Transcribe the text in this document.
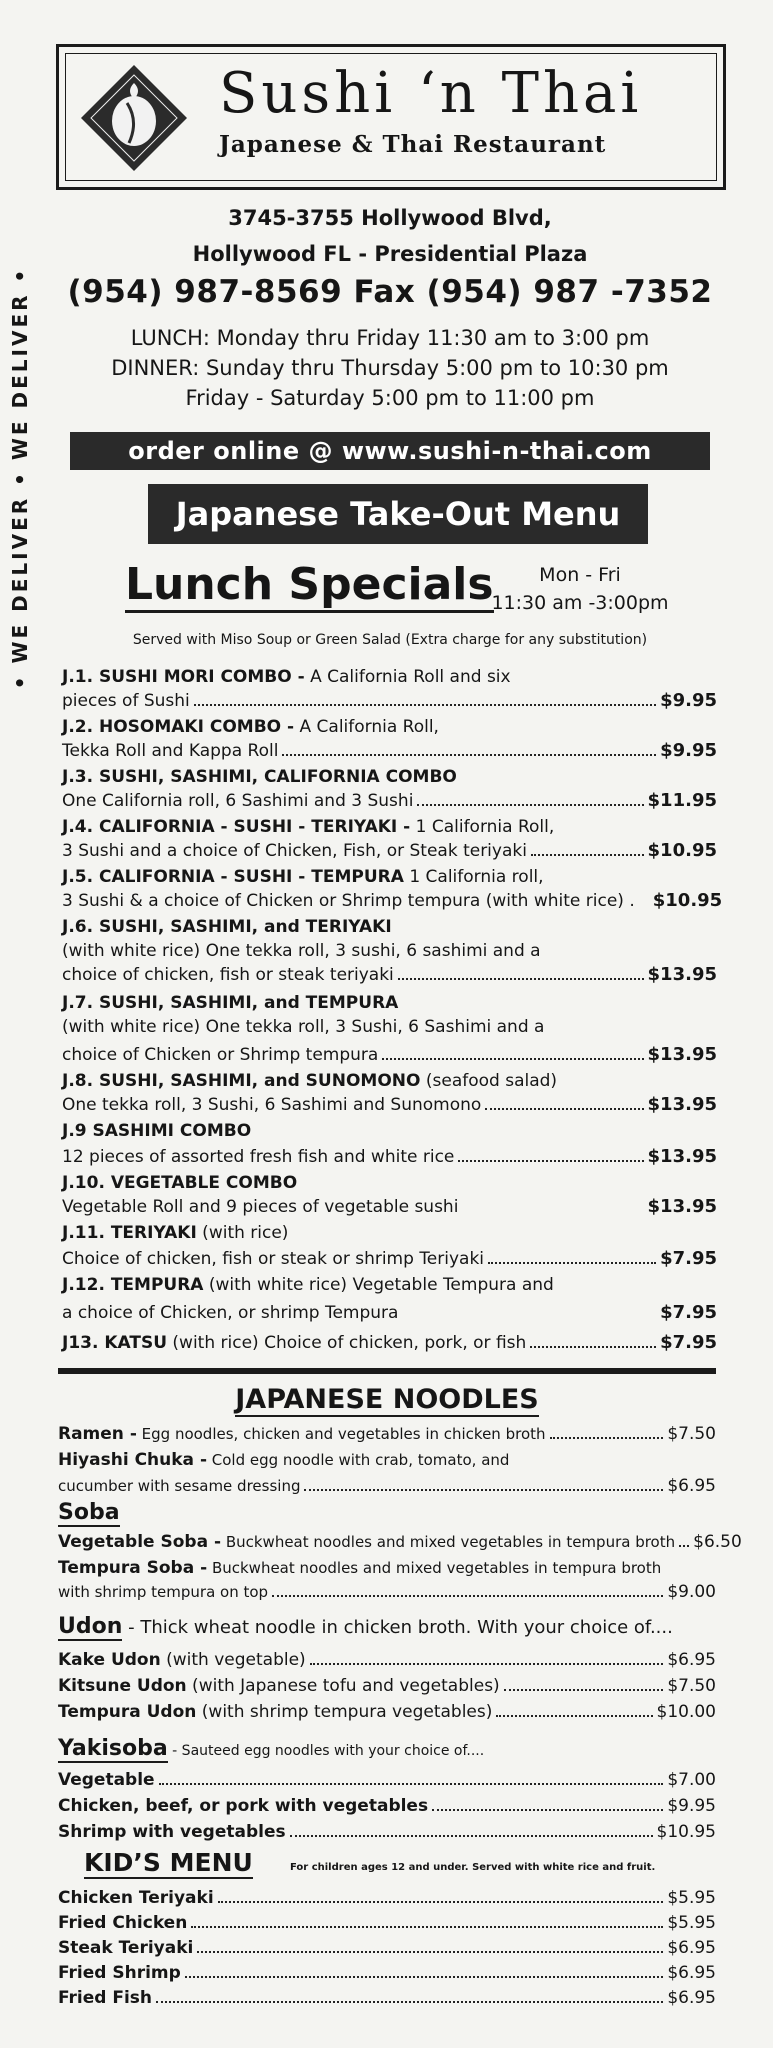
• WE DELIVER • WE DELIVER •
Sushi ‘n Thai
Japanese & Thai Restaurant
3745-3755 Hollywood Blvd,
Hollywood FL - Presidential Plaza
(954) 987-8569 Fax (954) 987 -7352
LUNCH: Monday thru Friday 11:30 am to 3:00 pm
DINNER: Sunday thru Thursday 5:00 pm to 10:30 pm
Friday - Saturday 5:00 pm to 11:00 pm
order online @ www.sushi-n-thai.com
Japanese Take-Out Menu
Lunch Specials	Mon - Fri
11:30 am -3:00pm
Served with Miso Soup or Green Salad (Extra charge for any substitution)
J.1. SUSHI MORI COMBO - A California Roll and six
pieces of Sushi	$9.95
J.2. HOSOMAKI COMBO - A California Roll,
Tekka Roll and Kappa Roll	$9.95
J.3. SUSHI, SASHIMI, CALIFORNIA COMBO
One California roll, 6 Sashimi and 3 Sushi	$11.95
J.4. CALIFORNIA - SUSHI - TERIYAKI - 1 California Roll,
3 Sushi and a choice of Chicken, Fish, or Steak teriyaki	$10.95
J.5. CALIFORNIA - SUSHI - TEMPURA 1 California roll,
3 Sushi & a choice of Chicken or Shrimp tempura (with white rice) . $10.95
J.6. SUSHI, SASHIMI, and TERIYAKI
(with white rice) One tekka roll, 3 sushi, 6 sashimi and a
choice of chicken, fish or steak teriyaki	$13.95
J.7. SUSHI, SASHIMI, and TEMPURA
(with white rice) One tekka roll, 3 Sushi, 6 Sashimi and a
choice of Chicken or Shrimp tempura	$13.95
J.8. SUSHI, SASHIMI, and SUNOMONO (seafood salad)
One tekka roll, 3 Sushi, 6 Sashimi and Sunomono	$13.95
J.9 SASHIMI COMBO
12 pieces of assorted fresh fish and white rice	$13.95
J.10. VEGETABLE COMBO
Vegetable Roll and 9 pieces of vegetable sushi	$13.95
J.11. TERIYAKI (with rice)
Choice of chicken, fish or steak or shrimp Teriyaki	$7.95
J.12. TEMPURA (with white rice) Vegetable Tempura and
a choice of Chicken, or shrimp Tempura	$7.95
J13. KATSU (with rice) Choice of chicken, pork, or fish	$7.95
JAPANESE NOODLES
Ramen - Egg noodles, chicken and vegetables in chicken broth	$7.50
Hiyashi Chuka - Cold egg noodle with crab, tomato, and
cucumber with sesame dressing	$6.95
Soba
Vegetable Soba - Buckwheat noodles and mixed vegetables in tempura broth $6.50
Tempura Soba - Buckwheat noodles and mixed vegetables in tempura broth
with shrimp tempura on top	$9.00
Udon - Thick wheat noodle in chicken broth. With your choice of....
Kake Udon (with vegetable)	$6.95
Kitsune Udon (with Japanese tofu and vegetables)	$7.50
Tempura Udon (with shrimp tempura vegetables)	$10.00
Yakisoba - Sauteed egg noodles with your choice of....
Vegetable	$7.00
Chicken, beef, or pork with vegetables	$9.95
Shrimp with vegetables	$10.95
KID’S MENU	For children ages 12 and under. Served with white rice and fruit.
Chicken Teriyaki	$5.95
Fried Chicken	$5.95
Steak Teriyaki	$6.95
Fried Shrimp	$6.95
Fried Fish	$6.95
